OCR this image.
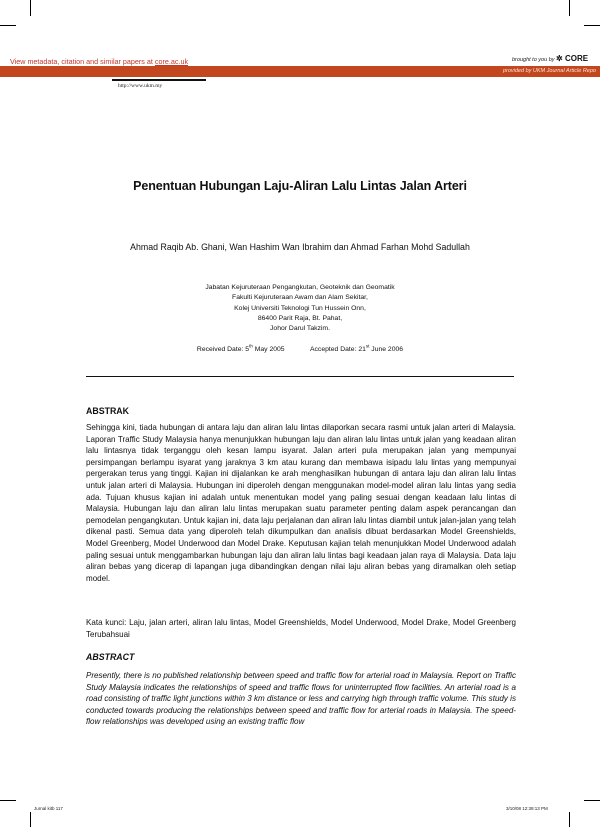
View metadata, citation and similar papers at core.ac.uk	brought to you by ✲ CORE
provided by UKM Journal Article Repo
http://www.ukm.my
Penentuan Hubungan Laju-Aliran Lalu Lintas Jalan Arteri
Ahmad Raqib Ab. Ghani, Wan Hashim Wan Ibrahim dan Ahmad Farhan Mohd Sadullah
Jabatan Kejuruteraan Pengangkutan, Geoteknik dan Geomatik
Fakulti Kejuruteraan Awam dan Alam Sekitar,
Kolej Universiti Teknologi Tun Hussein Onn,
86400 Parit Raja, Bt. Pahat,
Johor Darul Takzim.
Received Date: 5th May 2005	Accepted Date: 21st June 2006
ABSTRAK
Sehingga kini, tiada hubungan di antara laju dan aliran lalu lintas dilaporkan secara rasmi untuk jalan arteri di Malaysia. Laporan Traffic Study Malaysia hanya menunjukkan hubungan laju dan aliran lalu lintas untuk jalan yang keadaan aliran lalu lintasnya tidak terganggu oleh kesan lampu isyarat. Jalan arteri pula merupakan jalan yang mempunyai persimpangan berlampu isyarat yang jaraknya 3 km atau kurang dan membawa isipadu lalu lintas yang mempunyai pergerakan terus yang tinggi. Kajian ini dijalankan ke arah menghasilkan hubungan di antara laju dan aliran lalu lintas untuk jalan arteri di Malaysia. Hubungan ini diperoleh dengan menggunakan model-model aliran lalu lintas yang sedia ada. Tujuan khusus kajian ini adalah untuk menentukan model yang paling sesuai dengan keadaan lalu lintas di Malaysia. Hubungan laju dan aliran lalu lintas merupakan suatu parameter penting dalam aspek perancangan dan pemodelan pengangkutan. Untuk kajian ini, data laju perjalanan dan aliran lalu lintas diambil untuk jalan-jalan yang telah dikenal pasti. Semua data yang diperoleh telah dikumpulkan dan analisis dibuat berdasarkan Model Greenshields, Model Greenberg, Model Underwood dan Model Drake. Keputusan kajian telah menunjukkan Model Underwood adalah paling sesuai untuk menggambarkan hubungan laju dan aliran lalu lintas bagi keadaan jalan raya di Malaysia. Data laju aliran bebas yang dicerap di lapangan juga dibandingkan dengan nilai laju aliran bebas yang diramalkan oleh setiap model.
Kata kunci: Laju, jalan arteri, aliran lalu lintas, Model Greenshields, Model Underwood, Model Drake, Model Greenberg Terubahsuai
ABSTRACT
Presently, there is no published relationship between speed and traffic flow for arterial road in Malaysia. Report on Traffic Study Malaysia indicates the relationships of speed and traffic flows for uninterrupted flow facilities. An arterial road is a road consisting of traffic light junctions within 3 km distance or less and carrying high through traffic volume. This study is conducted towards producing the relationships between speed and traffic flow for arterial roads in Malaysia. The speed-flow relationships was developed using an existing traffic flow
Jurnal kitb 117	3/10/08 12:39:13 PM
